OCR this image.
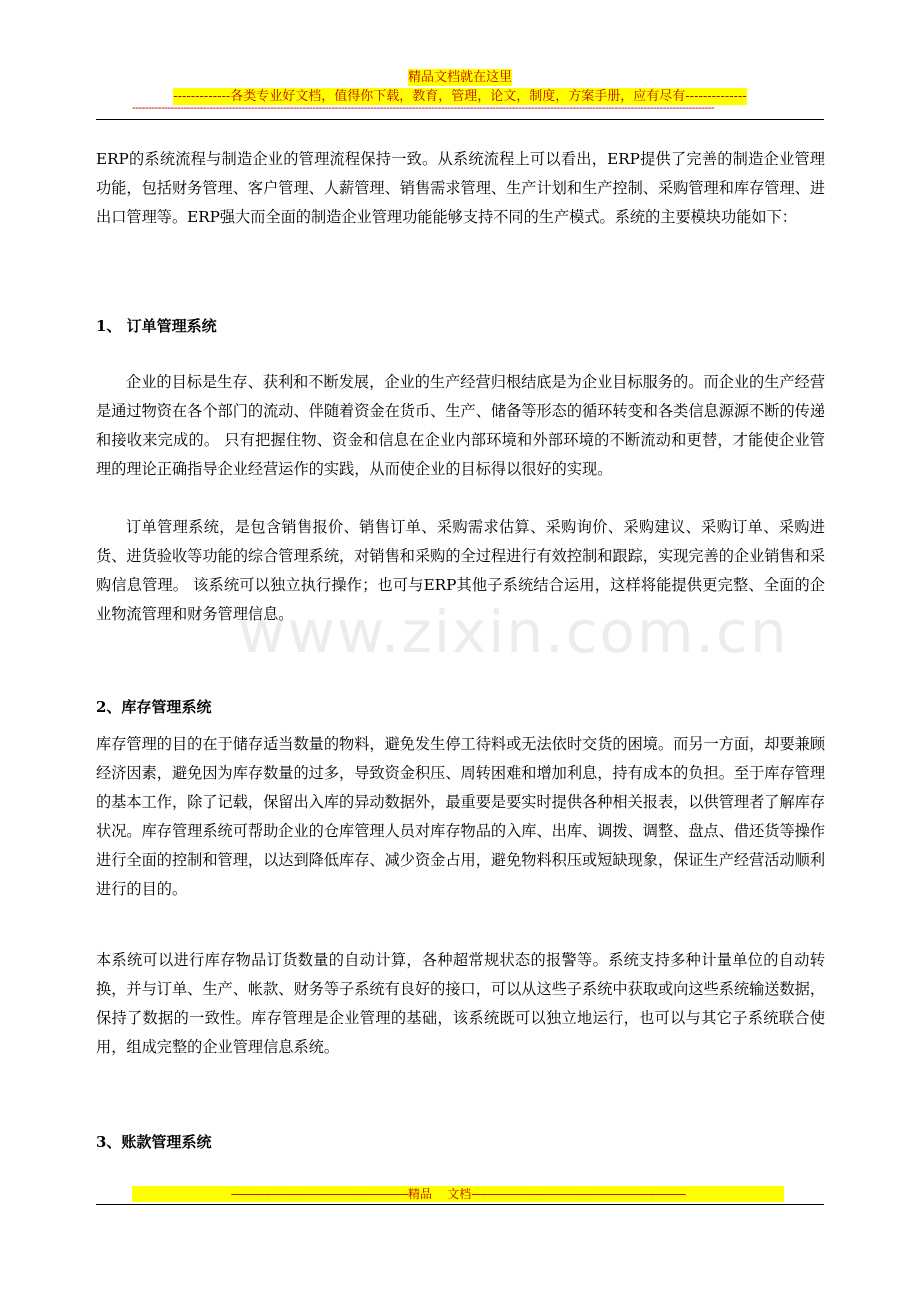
精品文档就在这里
-------------各类专业好文档，值得你下载，教育，管理，论文，制度，方案手册，应有尽有--------------
-------------------------------------------------------------------------------------------------------------------------------------------------------------------------------------

ERP的系统流程与制造企业的管理流程保持一致。从系统流程上可以看出，ERP提供了完善的制造企业管理功能，包括财务管理、客户管理、人薪管理、销售需求管理、生产计划和生产控制、采购管理和库存管理、进出口管理等。ERP强大而全面的制造企业管理功能能够支持不同的生产模式。系统的主要模块功能如下：

1、 订单管理系统

企业的目标是生存、获利和不断发展，企业的生产经营归根结底是为企业目标服务的。而企业的生产经营是通过物资在各个部门的流动、伴随着资金在货币、生产、储备等形态的循环转变和各类信息源源不断的传递和接收来完成的。 只有把握住物、资金和信息在企业内部环境和外部环境的不断流动和更替，才能使企业管理的理论正确指导企业经营运作的实践，从而使企业的目标得以很好的实现。

订单管理系统，是包含销售报价、销售订单、采购需求估算、采购询价、采购建议、采购订单、采购进货、进货验收等功能的综合管理系统，对销售和采购的全过程进行有效控制和跟踪，实现完善的企业销售和采购信息管理。 该系统可以独立执行操作；也可与ERP其他子系统结合运用，这样将能提供更完整、全面的企业物流管理和财务管理信息。

2、库存管理系统

库存管理的目的在于储存适当数量的物料，避免发生停工待料或无法依时交货的困境。而另一方面，却要兼顾经济因素，避免因为库存数量的过多，导致资金积压、周转困难和增加利息，持有成本的负担。至于库存管理的基本工作，除了记载，保留出入库的异动数据外，最重要是要实时提供各种相关报表，以供管理者了解库存状况。库存管理系统可帮助企业的仓库管理人员对库存物品的入库、出库、调拨、调整、盘点、借还货等操作进行全面的控制和管理，以达到降低库存、减少资金占用，避免物料积压或短缺现象，保证生产经营活动顺利进行的目的。

本系统可以进行库存物品订货数量的自动计算，各种超常规状态的报警等。系统支持多种计量单位的自动转换，并与订单、生产、帐款、财务等子系统有良好的接口，可以从这些子系统中获取或向这些系统输送数据，保持了数据的一致性。库存管理是企业管理的基础，该系统既可以独立地运行，也可以与其它子系统联合使用，组成完整的企业管理信息系统。

3、账款管理系统

www.zixin.com.cn
----------------------------------------------------------精品    文档----------------------------------------------------------------------
